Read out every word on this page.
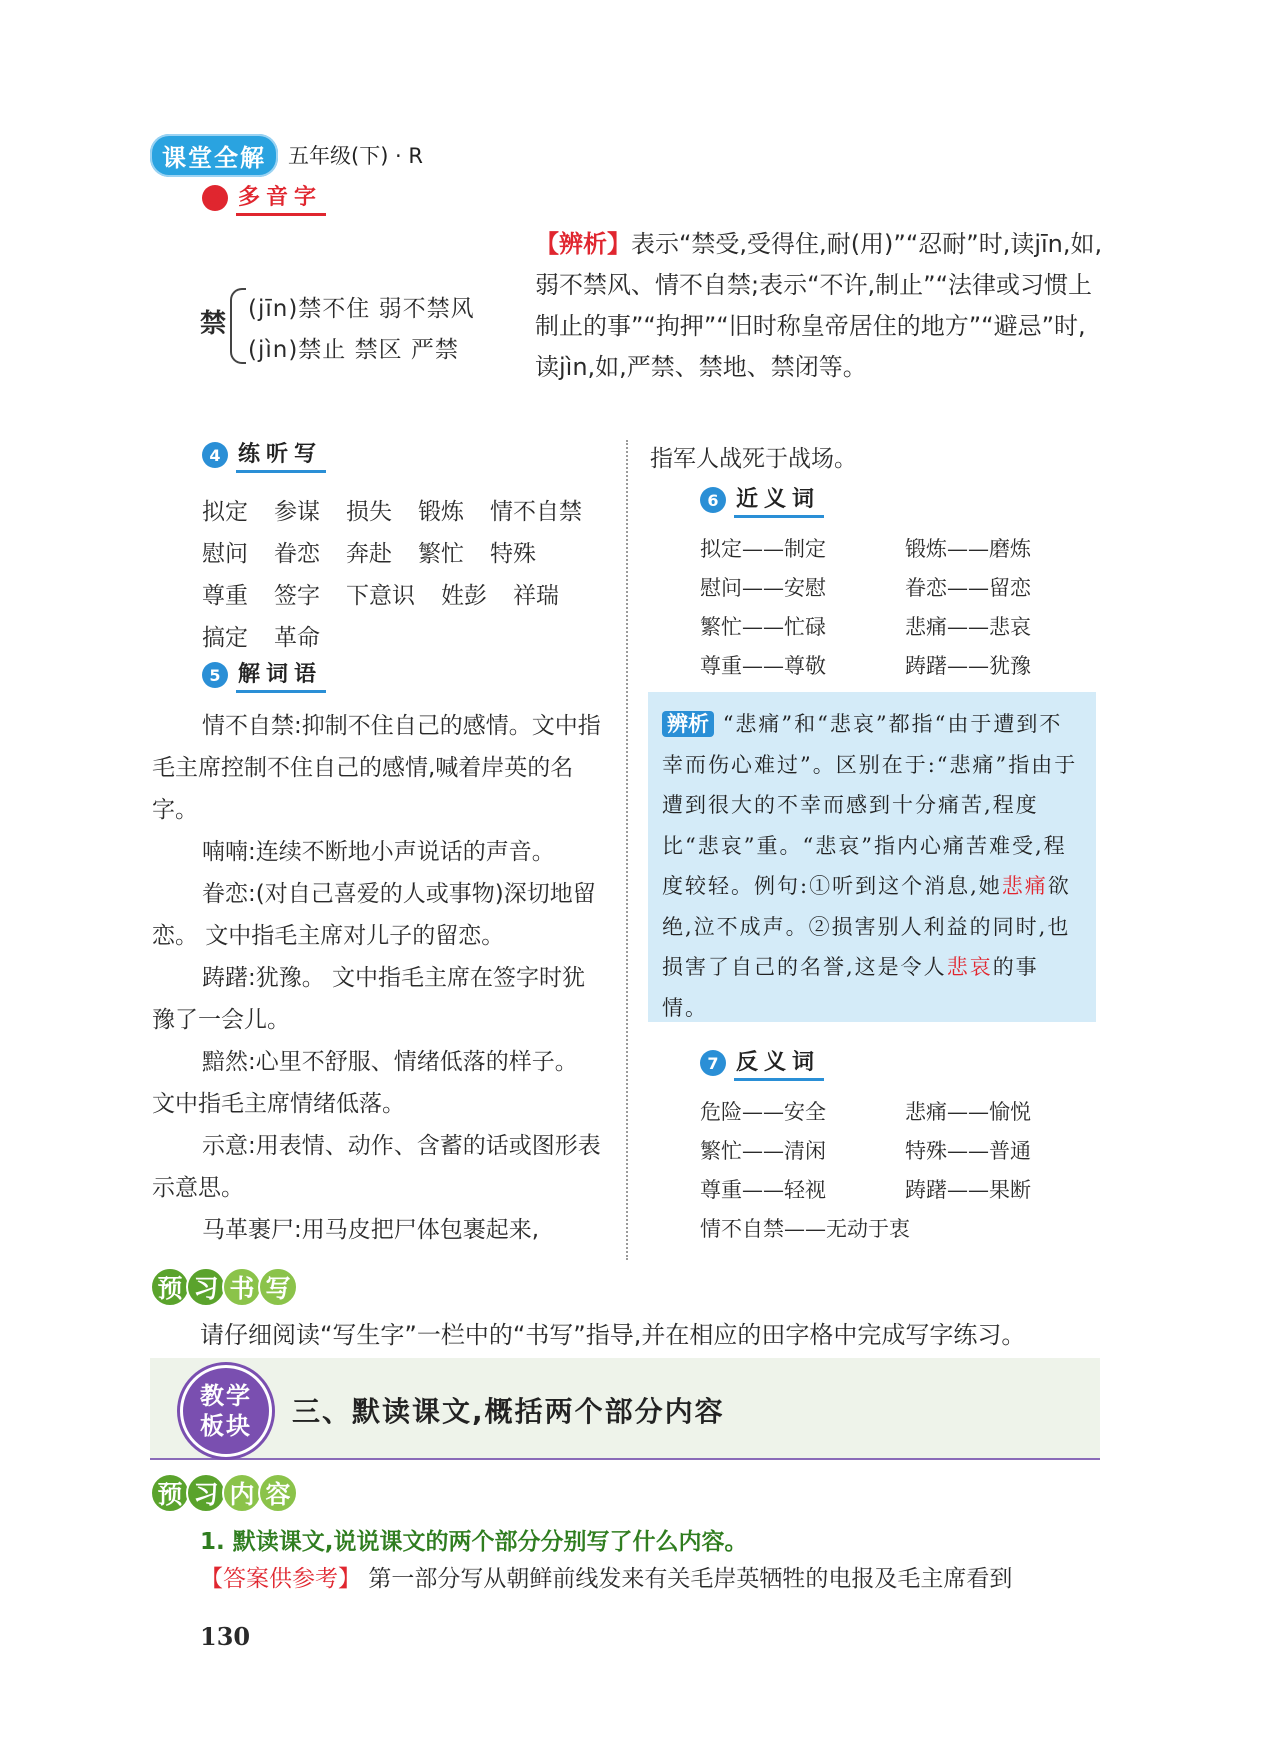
课堂全解	五年级(下) · R
3 多音字
禁 (jīn)禁不住 弱不禁风
(jìn)禁止 禁区 严禁
【辨析】表示“禁受,受得住,耐(用)”“忍耐”时,读jīn,如,弱不禁风、情不自禁;表示“不许,制止”“法律或习惯上制止的事”“拘押”“旧时称皇帝居住的地方”“避忌”时,读jìn,如,严禁、禁地、禁闭等。
4 练听写
拟定 参谋 损失 锻炼 情不自禁
慰问 眷恋 奔赴 繁忙 特殊
尊重 签字 下意识 姓彭 祥瑞
搞定 革命
5 解词语

情不自禁:抑制不住自己的感情。文中指毛主席控制不住自己的感情,喊着岸英的名字。

喃喃:连续不断地小声说话的声音。

眷恋:(对自己喜爱的人或事物)深切地留恋。 文中指毛主席对儿子的留恋。

踌躇:犹豫。 文中指毛主席在签字时犹豫了一会儿。

黯然:心里不舒服、情绪低落的样子。 文中指毛主席情绪低落。

示意:用表情、动作、含蓄的话或图形表示意思。

马革裹尸:用马皮把尸体包裹起来,

指军人战死于战场。
6 近义词
拟定——制定	锻炼——磨炼
慰问——安慰	眷恋——留恋
繁忙——忙碌	悲痛——悲哀
尊重——尊敬	踌躇——犹豫
辨析 “悲痛”和“悲哀”都指“由于遭到不幸而伤心难过”。区别在于:“悲痛”指由于遭到很大的不幸而感到十分痛苦,程度比“悲哀”重。“悲哀”指内心痛苦难受,程度较轻。例句:①听到这个消息,她悲痛欲绝,泣不成声。②损害别人利益的同时,也损害了自己的名誉,这是令人悲哀的事情。
7 反义词
危险——安全	悲痛——愉悦
繁忙——清闲	特殊——普通
尊重——轻视	踌躇——果断
情不自禁——无动于衷
预 习 书 写
请仔细阅读“写生字”一栏中的“书写”指导,并在相应的田字格中完成写字练习。
教学
板块 三、默读课文,概括两个部分内容
预 习 内 容
1. 默读课文,说说课文的两个部分分别写了什么内容。
【答案供参考】 第一部分写从朝鲜前线发来有关毛岸英牺牲的电报及毛主席看到
130
